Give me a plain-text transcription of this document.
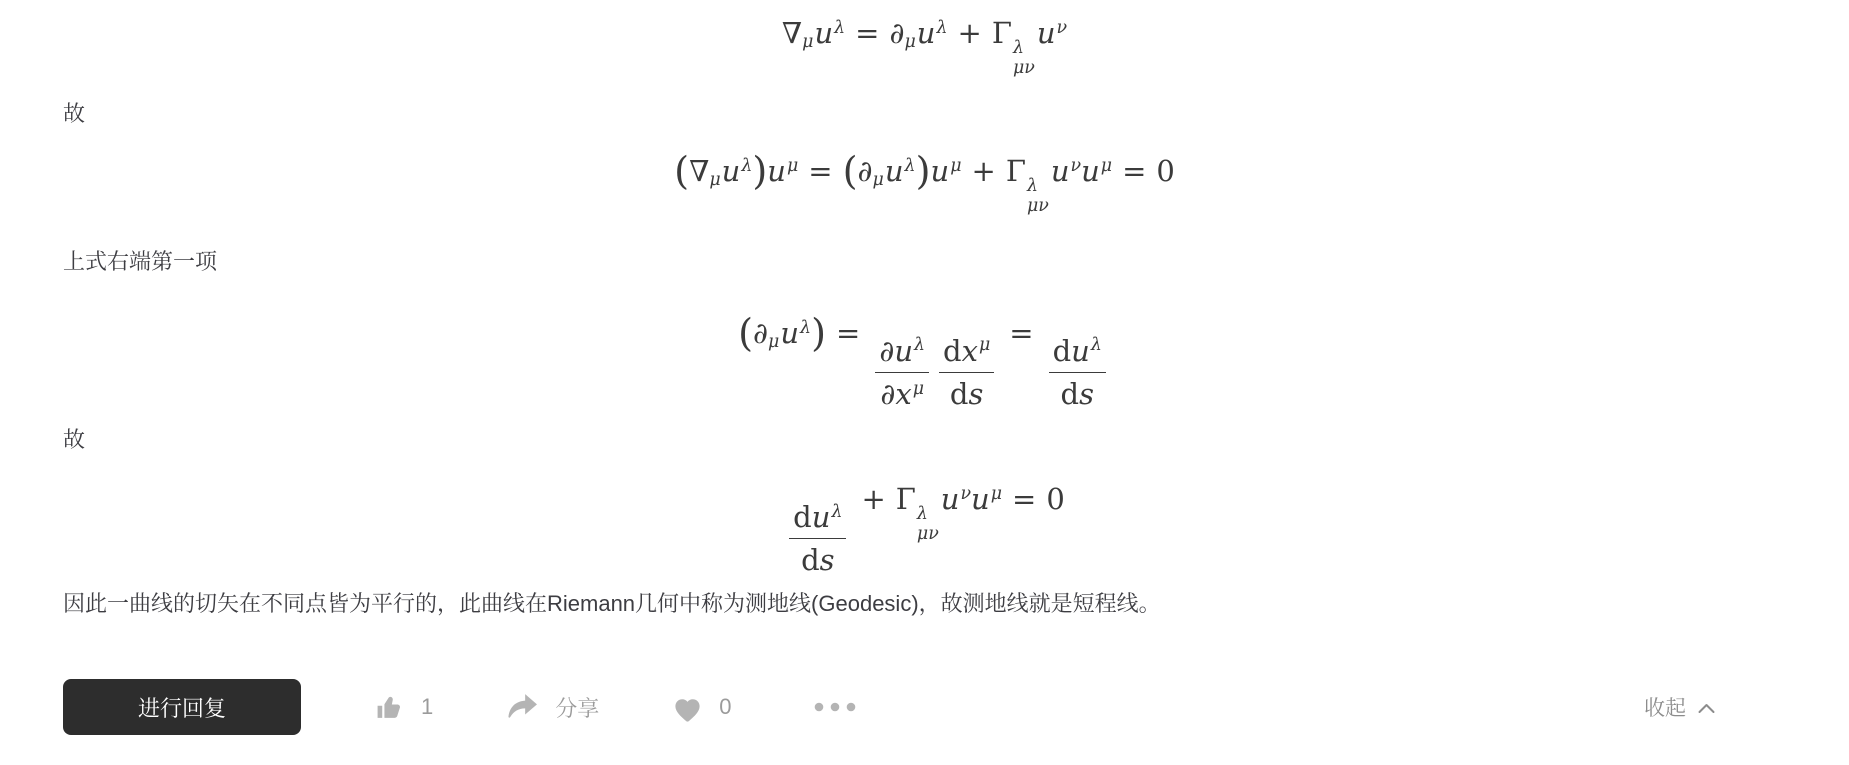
$\nabla\mu u^\lambda = \partial\mu u^\lambda + \Gamma$ λ
μν
$u^\nu$
故
$(\nabla\mu u^\lambda)u^\mu = (\partial\mu u^\lambda)u^\mu + \Gamma$ λ
μν
$u^\nu u^\mu = 0$
上式右端第一项
$(\partial\mu u^\lambda) = \frac{\partial u^\lambda}{\partial x^\mu} dx^\mu$
ds
=
$du^\lambda$
ds
故
$du^\lambda$
ds
+ Γ λ
μν
$u^\nu u^\mu = 0$
因此一曲线的切矢在不同点皆为平行的，此曲线在Riemann几何中称为测地线(Geodesic)，故测地线就是短程线。
进行回复	1	分享	0	收起
